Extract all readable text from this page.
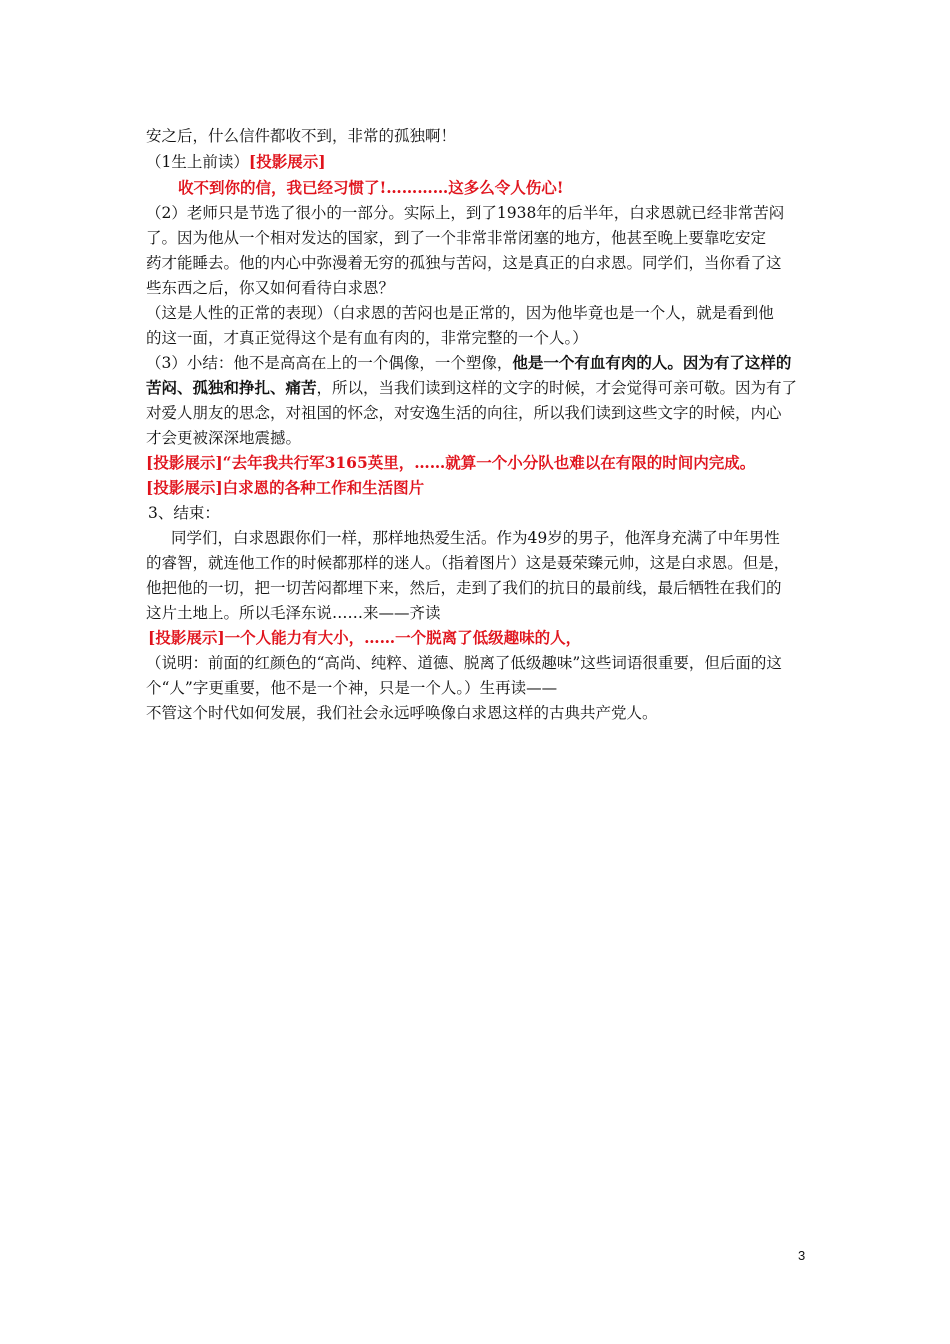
安之后，什么信件都收不到，非常的孤独啊！
（1生上前读）[投影展示]
收不到你的信，我已经习惯了!…………这多么令人伤心!
（2）老师只是节选了很小的一部分。实际上，到了1938年的后半年，白求恩就已经非常苦闷
了。因为他从一个相对发达的国家，到了一个非常非常闭塞的地方，他甚至晚上要靠吃安定
药才能睡去。他的内心中弥漫着无穷的孤独与苦闷，这是真正的白求恩。同学们，当你看了这
些东西之后，你又如何看待白求恩？
（这是人性的正常的表现）（白求恩的苦闷也是正常的，因为他毕竟也是一个人，就是看到他
的这一面，才真正觉得这个是有血有肉的，非常完整的一个人。）
（3）小结：他不是高高在上的一个偶像，一个塑像，他是一个有血有肉的人。因为有了这样的
苦闷、孤独和挣扎、痛苦，所以，当我们读到这样的文字的时候，才会觉得可亲可敬。因为有了
对爱人朋友的思念，对祖国的怀念，对安逸生活的向往，所以我们读到这些文字的时候，内心
才会更被深深地震撼。
[投影展示]“去年我共行军3165英里，……就算一个小分队也难以在有限的时间内完成。
[投影展示]白求恩的各种工作和生活图片
3、结束：
同学们，白求恩跟你们一样，那样地热爱生活。作为49岁的男子，他浑身充满了中年男性
的睿智，就连他工作的时候都那样的迷人。（指着图片）这是聂荣臻元帅，这是白求恩。但是，
他把他的一切，把一切苦闷都埋下来，然后，走到了我们的抗日的最前线，最后牺牲在我们的
这片土地上。所以毛泽东说……来——齐读
[投影展示]一个人能力有大小，……一个脱离了低级趣味的人，
（说明：前面的红颜色的“高尚、纯粹、道德、脱离了低级趣味”这些词语很重要，但后面的这
个“人”字更重要，他不是一个神，只是一个人。）生再读——
不管这个时代如何发展，我们社会永远呼唤像白求恩这样的古典共产党人。
3
